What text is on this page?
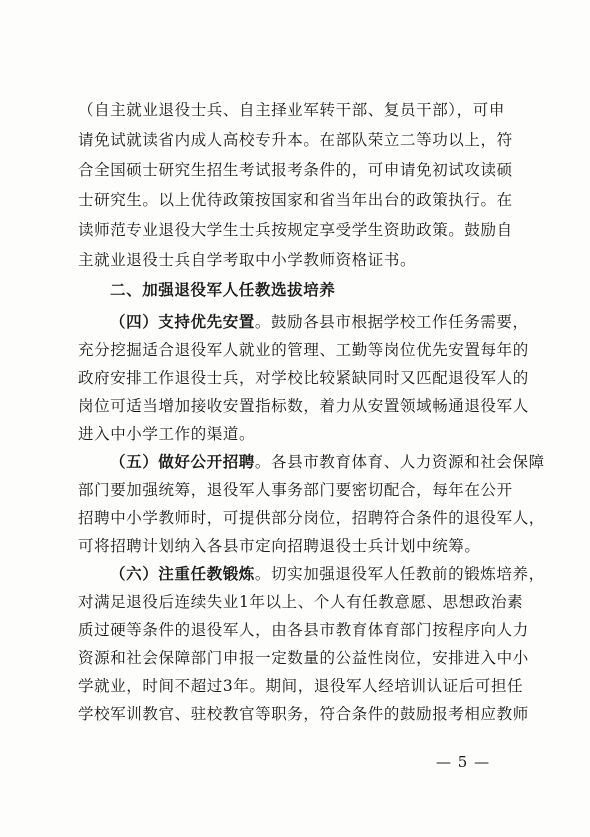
（自主就业退役士兵、自主择业军转干部、复员干部），可申
请免试就读省内成人高校专升本。在部队荣立二等功以上，符
合全国硕士研究生招生考试报考条件的，可申请免初试攻读硕
士研究生。以上优待政策按国家和省当年出台的政策执行。在
读师范专业退役大学生士兵按规定享受学生资助政策。鼓励自
主就业退役士兵自学考取中小学教师资格证书。
二、加强退役军人任教选拔培养
（四）支持优先安置。鼓励各县市根据学校工作任务需要，
充分挖掘适合退役军人就业的管理、工勤等岗位优先安置每年的
政府安排工作退役士兵，对学校比较紧缺同时又匹配退役军人的
岗位可适当增加接收安置指标数，着力从安置领域畅通退役军人
进入中小学工作的渠道。
（五）做好公开招聘。各县市教育体育、人力资源和社会保障
部门要加强统筹，退役军人事务部门要密切配合，每年在公开
招聘中小学教师时，可提供部分岗位，招聘符合条件的退役军人，
可将招聘计划纳入各县市定向招聘退役士兵计划中统筹。
（六）注重任教锻炼。切实加强退役军人任教前的锻炼培养，
对满足退役后连续失业1年以上、个人有任教意愿、思想政治素
质过硬等条件的退役军人，由各县市教育体育部门按程序向人力
资源和社会保障部门申报一定数量的公益性岗位，安排进入中小
学就业，时间不超过3年。期间，退役军人经培训认证后可担任
学校军训教官、驻校教官等职务，符合条件的鼓励报考相应教师
— 5 —
